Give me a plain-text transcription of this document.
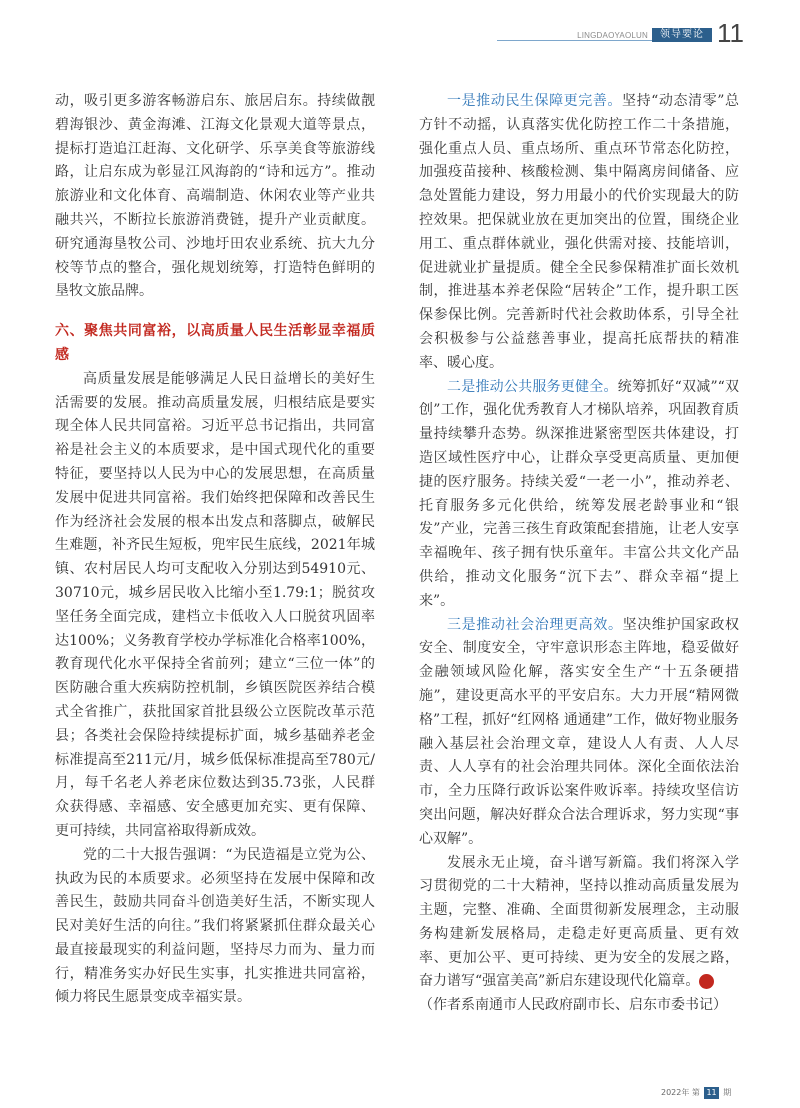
LINGDAOYAOLUN	领导要论 11

动，吸引更多游客畅游启东、旅居启东。持续做靓碧海银沙、黄金海滩、江海文化景观大道等景点，提标打造追江赶海、文化研学、乐享美食等旅游线路，让启东成为彰显江风海韵的“诗和远方”。推动旅游业和文化体育、高端制造、休闲农业等产业共融共兴，不断拉长旅游消费链，提升产业贡献度。研究通海垦牧公司、沙地圩田农业系统、抗大九分校等节点的整合，强化规划统筹，打造特色鲜明的垦牧文旅品牌。

六、聚焦共同富裕，以高质量人民生活彰显幸福质感

高质量发展是能够满足人民日益增长的美好生活需要的发展。推动高质量发展，归根结底是要实现全体人民共同富裕。习近平总书记指出，共同富裕是社会主义的本质要求，是中国式现代化的重要特征，要坚持以人民为中心的发展思想，在高质量发展中促进共同富裕。我们始终把保障和改善民生作为经济社会发展的根本出发点和落脚点，破解民生难题，补齐民生短板，兜牢民生底线，2021年城镇、农村居民人均可支配收入分别达到54910元、30710元，城乡居民收入比缩小至1.79:1；脱贫攻坚任务全面完成，建档立卡低收入人口脱贫巩固率达100%；义务教育学校办学标准化合格率100%，教育现代化水平保持全省前列；建立“三位一体”的医防融合重大疾病防控机制，乡镇医院医养结合模式全省推广，获批国家首批县级公立医院改革示范县；各类社会保险持续提标扩面，城乡基础养老金标准提高至211元/月，城乡低保标准提高至780元/月，每千名老人养老床位数达到35.73张，人民群众获得感、幸福感、安全感更加充实、更有保障、更可持续，共同富裕取得新成效。

党的二十大报告强调：“为民造福是立党为公、执政为民的本质要求。必须坚持在发展中保障和改善民生，鼓励共同奋斗创造美好生活，不断实现人民对美好生活的向往。”我们将紧紧抓住群众最关心最直接最现实的利益问题，坚持尽力而为、量力而行，精准务实办好民生实事，扎实推进共同富裕，倾力将民生愿景变成幸福实景。

一是推动民生保障更完善。坚持“动态清零”总方针不动摇，认真落实优化防控工作二十条措施，强化重点人员、重点场所、重点环节常态化防控，加强疫苗接种、核酸检测、集中隔离房间储备、应急处置能力建设，努力用最小的代价实现最大的防控效果。把保就业放在更加突出的位置，围绕企业用工、重点群体就业，强化供需对接、技能培训，促进就业扩量提质。健全全民参保精准扩面长效机制，推进基本养老保险“居转企”工作，提升职工医保参保比例。完善新时代社会救助体系，引导全社会积极参与公益慈善事业，提高托底帮扶的精准率、暖心度。

二是推动公共服务更健全。统筹抓好“双减”“双创”工作，强化优秀教育人才梯队培养，巩固教育质量持续攀升态势。纵深推进紧密型医共体建设，打造区域性医疗中心，让群众享受更高质量、更加便捷的医疗服务。持续关爱“一老一小”，推动养老、托育服务多元化供给，统筹发展老龄事业和“银发”产业，完善三孩生育政策配套措施，让老人安享幸福晚年、孩子拥有快乐童年。丰富公共文化产品供给，推动文化服务“沉下去”、群众幸福“提上来”。

三是推动社会治理更高效。坚决维护国家政权安全、制度安全，守牢意识形态主阵地，稳妥做好金融领域风险化解，落实安全生产“十五条硬措施”，建设更高水平的平安启东。大力开展“精网微格”工程，抓好“红网格 通通建”工作，做好物业服务融入基层社会治理文章，建设人人有责、人人尽责、人人享有的社会治理共同体。深化全面依法治市，全力压降行政诉讼案件败诉率。持续攻坚信访突出问题，解决好群众合法合理诉求，努力实现“事心双解”。

发展永无止境，奋斗谱写新篇。我们将深入学习贯彻党的二十大精神，坚持以推动高质量发展为主题，完整、准确、全面贯彻新发展理念，主动服务构建新发展格局，走稳走好更高质量、更有效率、更加公平、更可持续、更为安全的发展之路，奋力谱写“强富美高”新启东建设现代化篇章。	治

（作者系南通市人民政府副市长、启东市委书记）

2022年 第 11 期
